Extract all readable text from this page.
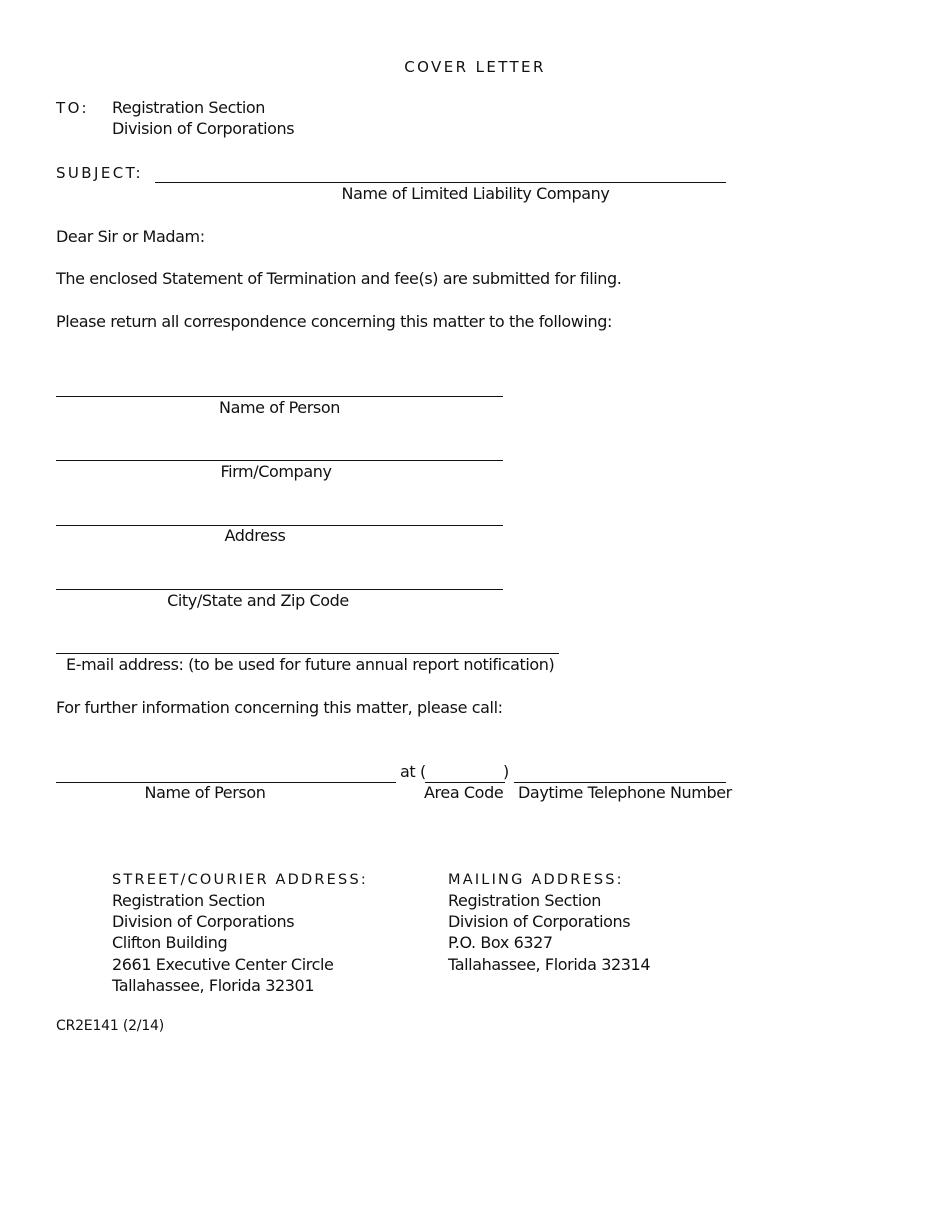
COVER LETTER
TO: Registration Section
Division of Corporations
SUBJECT:
Name of Limited Liability Company
Dear Sir or Madam:
The enclosed Statement of Termination and fee(s) are submitted for filing.
Please return all correspondence concerning this matter to the following:
Name of Person
Firm/Company
Address
City/State and Zip Code
E-mail address: (to be used for future annual report notification)
For further information concerning this matter, please call:
at (	)
Name of Person	Area Code Daytime Telephone Number
STREET/COURIER ADDRESS:
Registration Section
Division of Corporations
Clifton Building
2661 Executive Center Circle
Tallahassee, Florida 32301
MAILING ADDRESS:
Registration Section
Division of Corporations
P.O. Box 6327
Tallahassee, Florida 32314
CR2E141 (2/14)
